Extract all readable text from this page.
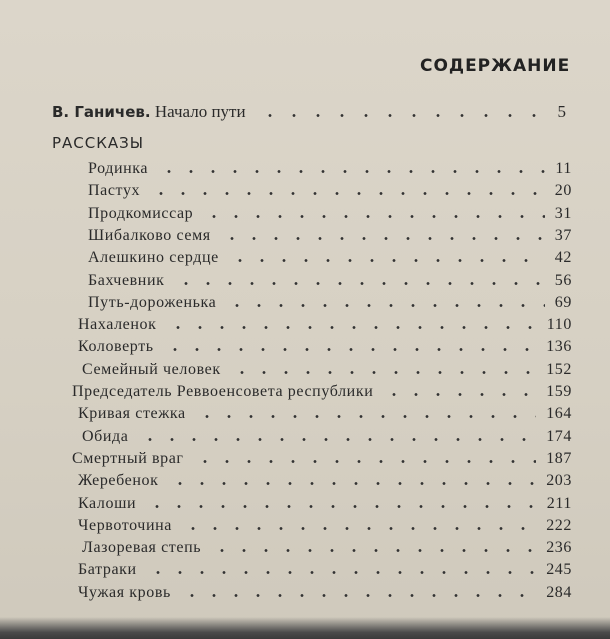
СОДЕРЖАНИЕ
В. Ганичев. Начало пути	5
РАССКАЗЫ
Родинка	11
Пастух	20
Продкомиссар	31
Шибалково семя	37
Алешкино сердце	42
Бахчевник	56
Путь-дороженька	69
Нахаленок	110
Коловерть	136
Семейный человек	152
Председатель Реввоенсовета республики	159
Кривая стежка	164
Обида	174
Смертный враг	187
Жеребенок	203
Калоши	211
Червоточина	222
Лазоревая степь	236
Батраки	245
Чужая кровь	284
